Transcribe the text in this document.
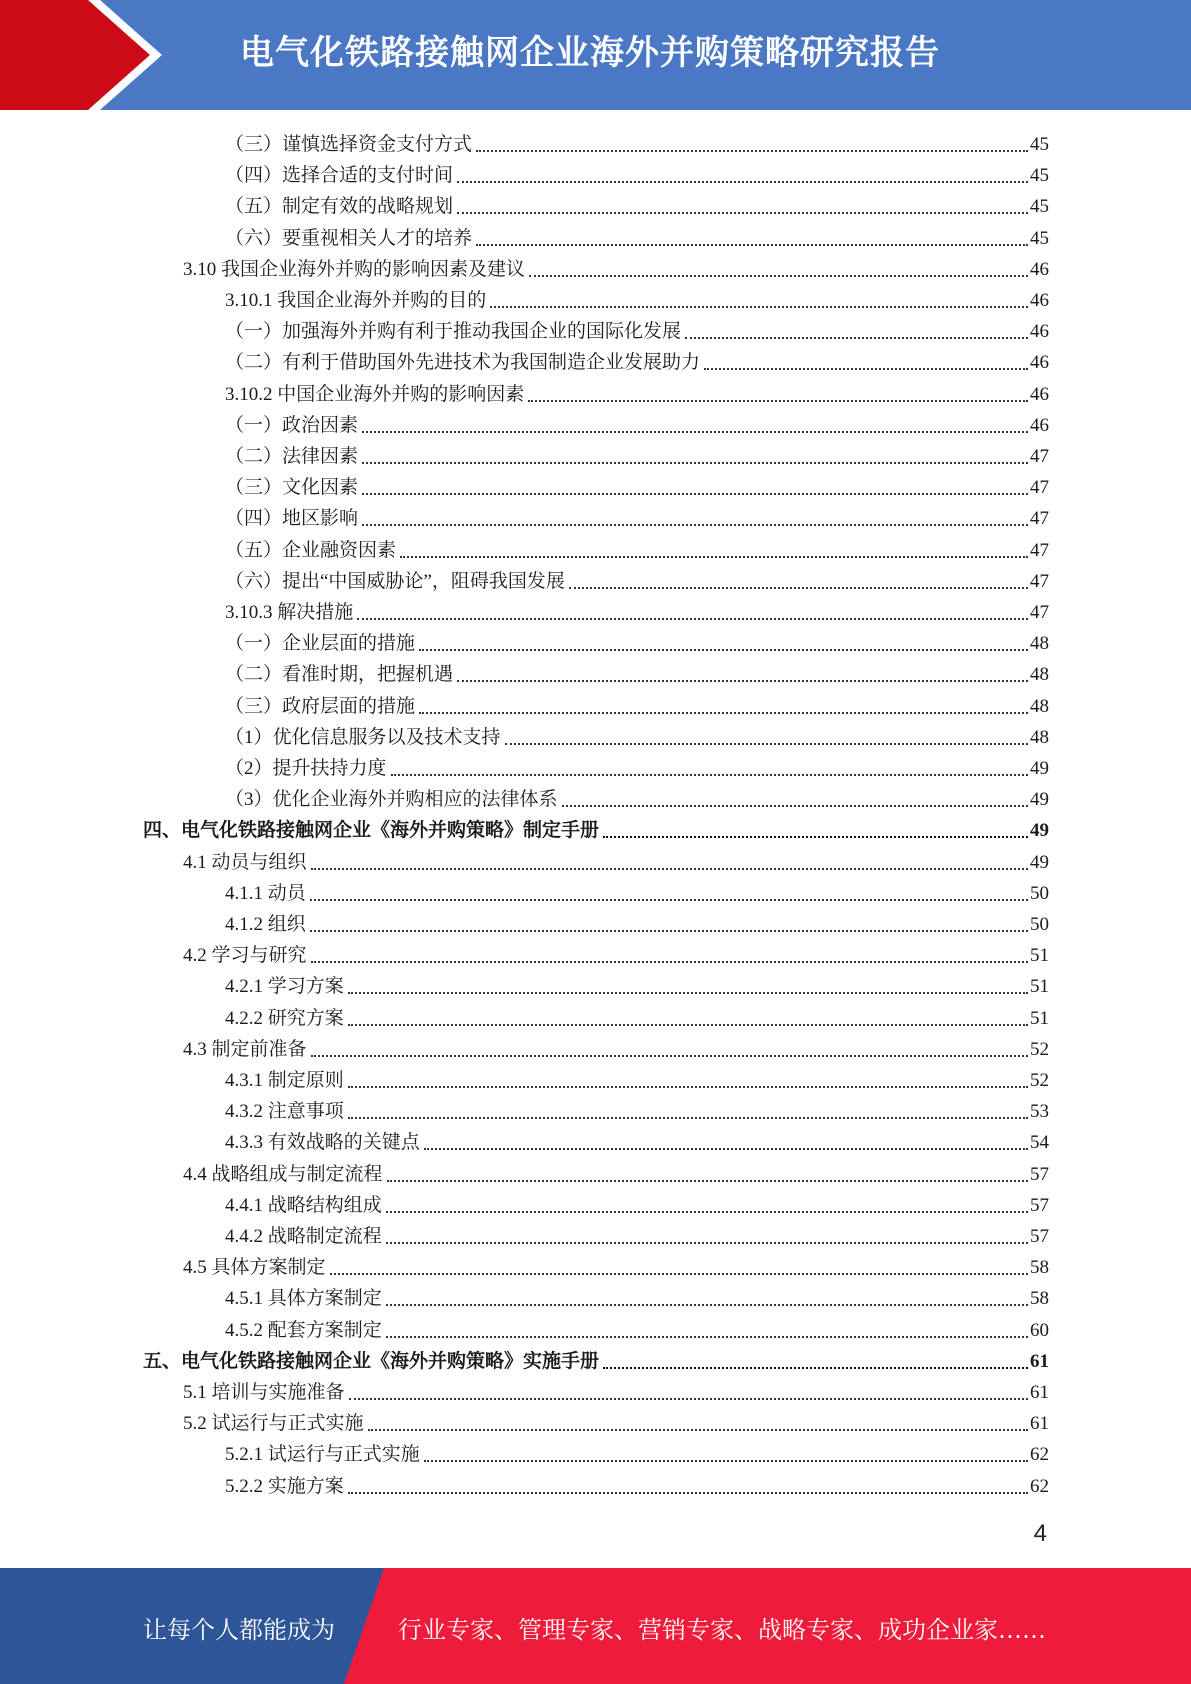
电气化铁路接触网企业海外并购策略研究报告
（三）谨慎选择资金支付方式	45
（四）选择合适的支付时间	45
（五）制定有效的战略规划	45
（六）要重视相关人才的培养	45
3.10 我国企业海外并购的影响因素及建议	46
3.10.1 我国企业海外并购的目的	46
（一）加强海外并购有利于推动我国企业的国际化发展	46
（二）有利于借助国外先进技术为我国制造企业发展助力	46
3.10.2 中国企业海外并购的影响因素	46
（一）政治因素	46
（二）法律因素	47
（三）文化因素	47
（四）地区影响	47
（五）企业融资因素	47
（六）提出“中国威胁论”，阻碍我国发展	47
3.10.3 解决措施	47
（一）企业层面的措施	48
（二）看准时期，把握机遇	48
（三）政府层面的措施	48
（1）优化信息服务以及技术支持	48
（2）提升扶持力度	49
（3）优化企业海外并购相应的法律体系	49
四、电气化铁路接触网企业《海外并购策略》制定手册	49
4.1 动员与组织	49
4.1.1 动员	50
4.1.2 组织	50
4.2 学习与研究	51
4.2.1 学习方案	51
4.2.2 研究方案	51
4.3 制定前准备	52
4.3.1 制定原则	52
4.3.2 注意事项	53
4.3.3 有效战略的关键点	54
4.4 战略组成与制定流程	57
4.4.1 战略结构组成	57
4.4.2 战略制定流程	57
4.5 具体方案制定	58
4.5.1 具体方案制定	58
4.5.2 配套方案制定	60
五、电气化铁路接触网企业《海外并购策略》实施手册	61
5.1 培训与实施准备	61
5.2 试运行与正式实施	61
5.2.1 试运行与正式实施	62
5.2.2 实施方案	62
4
让每个人都能成为	行业专家、管理专家、营销专家、战略专家、成功企业家……
